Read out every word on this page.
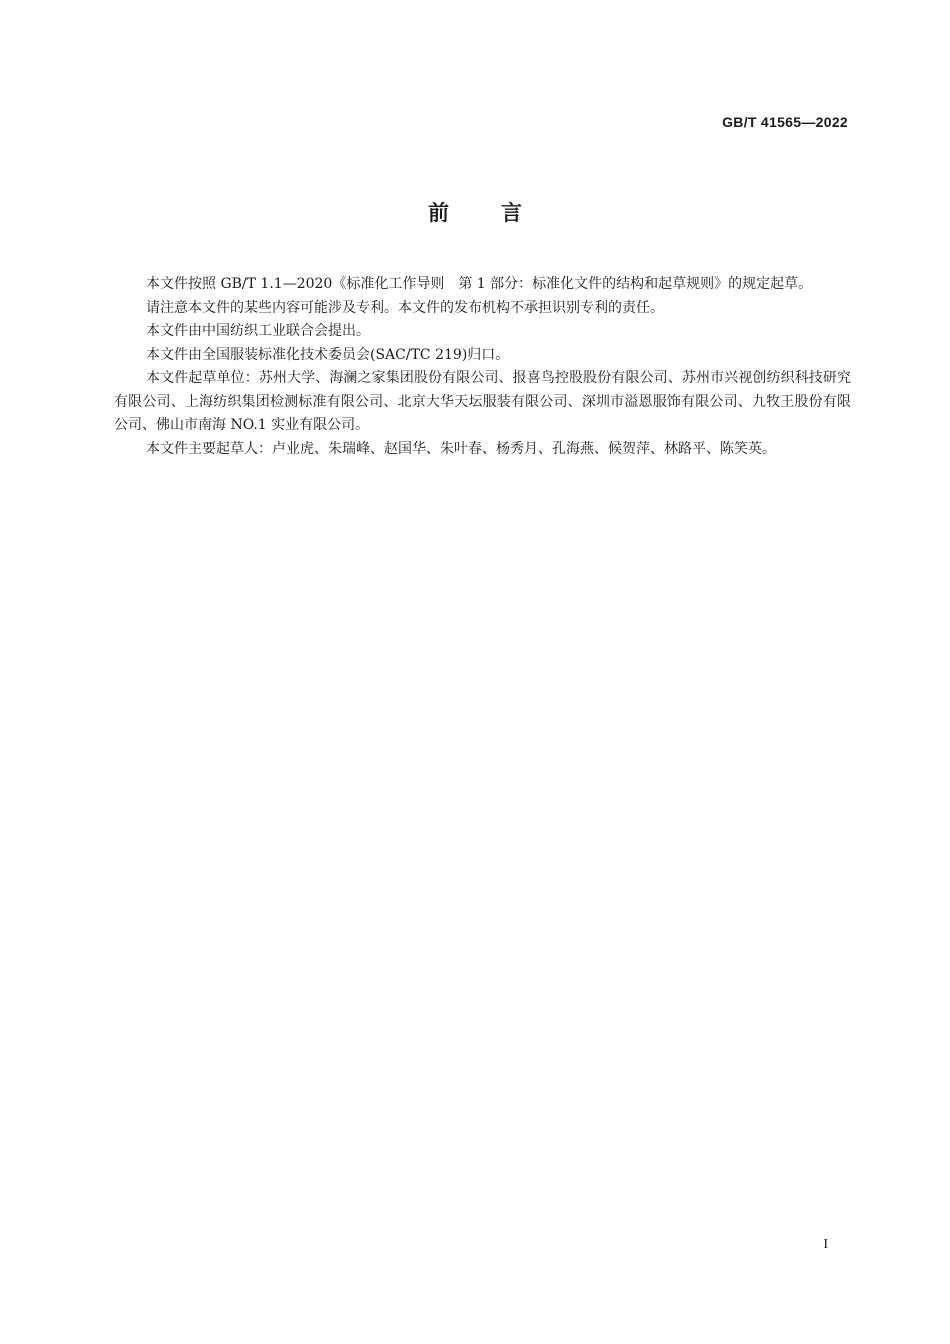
GB/T 41565—2022
前 言

本文件按照 GB/T 1.1—2020《标准化工作导则　第 1 部分：标准化文件的结构和起草规则》的规定起草。

请注意本文件的某些内容可能涉及专利。本文件的发布机构不承担识别专利的责任。

本文件由中国纺织工业联合会提出。

本文件由全国服装标准化技术委员会(SAC/TC 219)归口。

本文件起草单位：苏州大学、海澜之家集团股份有限公司、报喜鸟控股股份有限公司、苏州市兴视创纺织科技研究有限公司、上海纺织集团检测标准有限公司、北京大华天坛服装有限公司、深圳市溢恩服饰有限公司、九牧王股份有限公司、佛山市南海 NO.1 实业有限公司。

本文件主要起草人：卢业虎、朱瑞峰、赵国华、朱叶春、杨秀月、孔海燕、候贺萍、林路平、陈笑英。

I
